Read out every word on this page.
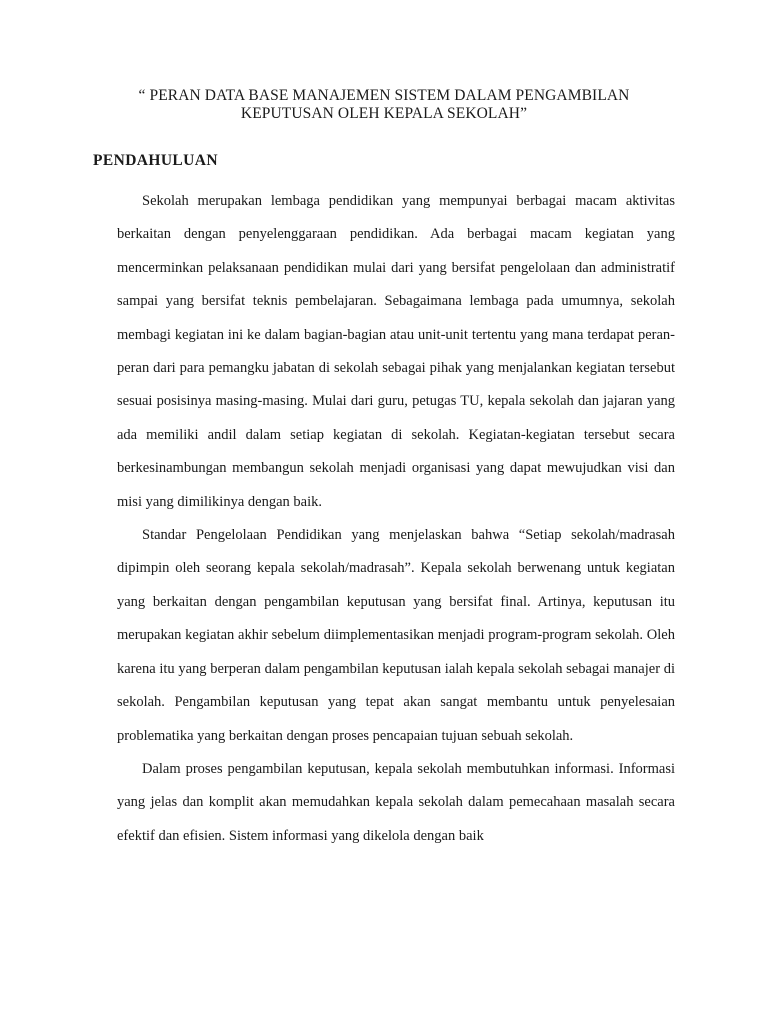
“ PERAN DATA BASE MANAJEMEN SISTEM DALAM PENGAMBILAN
KEPUTUSAN OLEH KEPALA SEKOLAH”
PENDAHULUAN

Sekolah merupakan lembaga pendidikan yang mempunyai berbagai macam aktivitas berkaitan dengan penyelenggaraan pendidikan. Ada berbagai macam kegiatan yang mencerminkan pelaksanaan pendidikan mulai dari yang bersifat pengelolaan dan administratif sampai yang bersifat teknis pembelajaran. Sebagaimana lembaga pada umumnya, sekolah membagi kegiatan ini ke dalam bagian-bagian atau unit-unit tertentu yang mana terdapat peran-peran dari para pemangku jabatan di sekolah sebagai pihak yang menjalankan kegiatan tersebut sesuai posisinya masing-masing. Mulai dari guru, petugas TU, kepala sekolah dan jajaran yang ada memiliki andil dalam setiap kegiatan di sekolah. Kegiatan-kegiatan tersebut secara berkesinambungan membangun sekolah menjadi organisasi yang dapat mewujudkan visi dan misi yang dimilikinya dengan baik.

Standar Pengelolaan Pendidikan yang menjelaskan bahwa “Setiap sekolah/madrasah dipimpin oleh seorang kepala sekolah/madrasah”. Kepala sekolah berwenang untuk kegiatan yang berkaitan dengan pengambilan keputusan yang bersifat final. Artinya, keputusan itu merupakan kegiatan akhir sebelum diimplementasikan menjadi program-program sekolah. Oleh karena itu yang berperan dalam pengambilan keputusan ialah kepala sekolah sebagai manajer di sekolah. Pengambilan keputusan yang tepat akan sangat membantu untuk penyelesaian problematika yang berkaitan dengan proses pencapaian tujuan sebuah sekolah.

Dalam proses pengambilan keputusan, kepala sekolah membutuhkan informasi. Informasi yang jelas dan komplit akan memudahkan kepala sekolah dalam pemecahaan masalah secara efektif dan efisien. Sistem informasi yang dikelola dengan baik
